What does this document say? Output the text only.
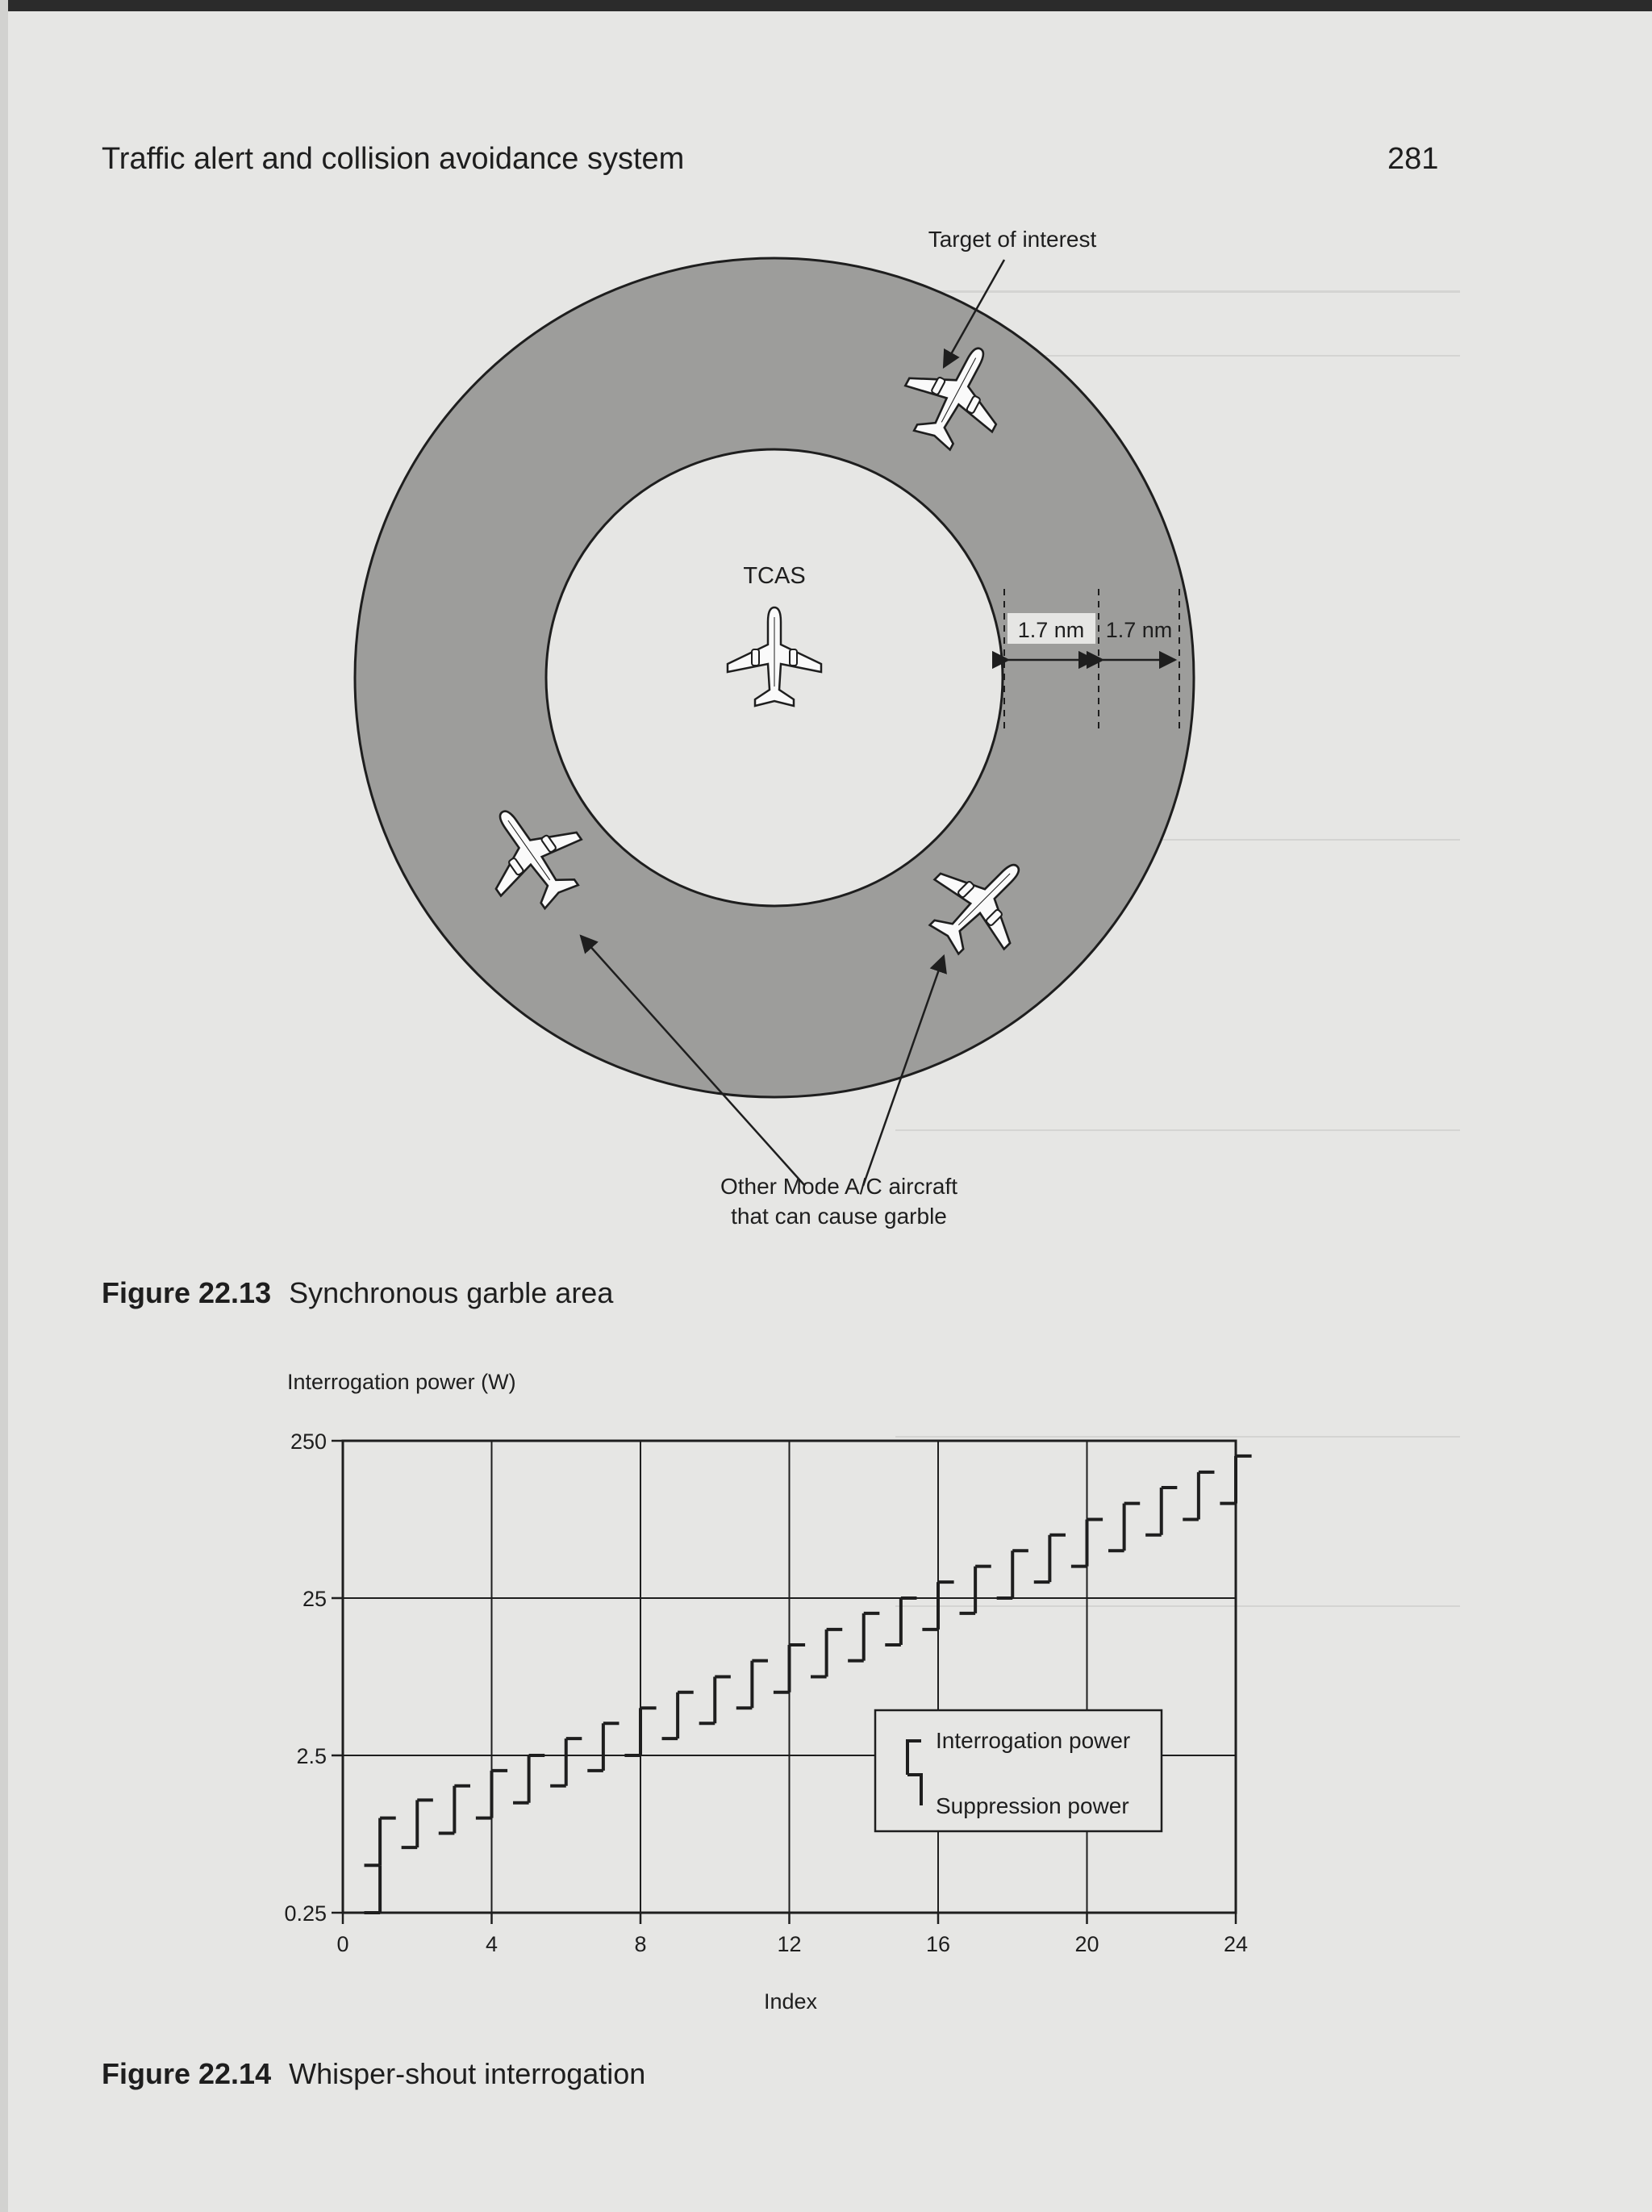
Traffic alert and collision avoidance system	281
TCAS
Target of interest
1.7 nm 1.7 nm
Other Mode A/C aircraft
that can cause garble
Interrogation power (W)
0	4	8	12	16	20	24
0.25
2.5
25
250
Index
Interrogation power
Suppression power
Figure 22.13 Synchronous garble area
Figure 22.14 Whisper-shout interrogation
